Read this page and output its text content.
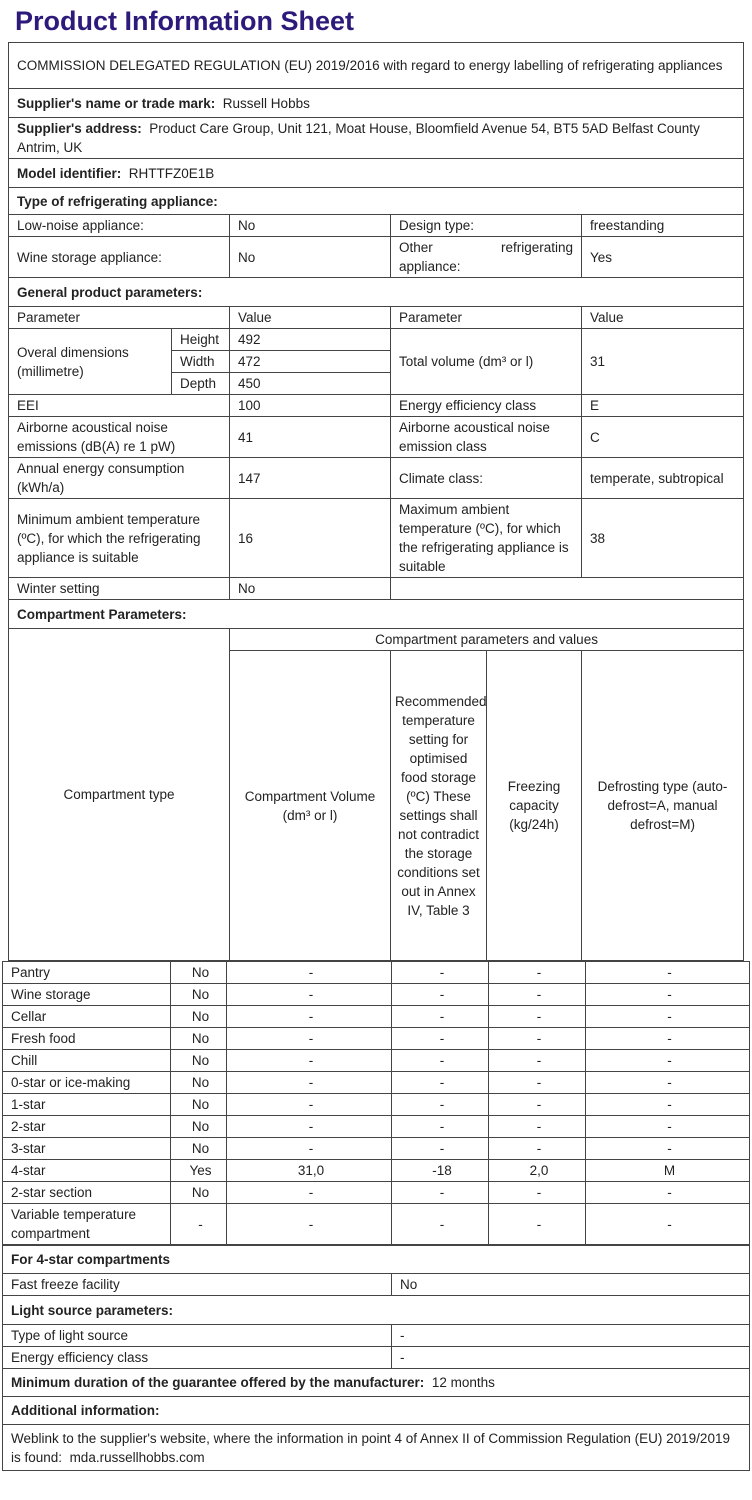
Product Information Sheet
COMMISSION DELEGATED REGULATION (EU) 2019/2016 with regard to energy labelling of refrigerating appliances				
Supplier's name or trade mark: Russell Hobbs				
Supplier's address: Product Care Group, Unit 121, Moat House, Bloomfield Avenue 54, BT5 5AD Belfast County Antrim, UK				
Model identifier: RHTTFZ0E1B				
Type of refrigerating appliance:				
Low-noise appliance:		No	Design type:	freestanding
Wine storage appliance:		No	Other refrigerating appliance:	Yes
General product parameters:				
Parameter		Value	Parameter	Value
Overal dimensions (millimetre)	Height	492	Total volume (dm³ or l)	31
	Width	472		
	Depth	450		
EEI		100	Energy efficiency class	E
Airborne acoustical noise emissions (dB(A) re 1 pW)		41	Airborne acoustical noise emission class	C
Annual energy consumption (kWh/a)		147	Climate class:	temperate, subtropical
Minimum ambient temperature (ºC), for which the refrigerating appliance is suitable		16	Maximum ambient temperature (ºC), for which the refrigerating appliance is suitable	38
Winter setting		No		
Compartment Parameters:				
Compartment type	Compartment parameters and values			
	Compartment Volume (dm³ or l)	Recommended temperature setting for optimised food storage (ºC) These settings shall not contradict the storage conditions set out in Annex IV, Table 3	Freezing capacity (kg/24h)	Defrosting type (auto-defrost=A, manual defrost=M)
Pantry	No	-	-	-	-
Wine storage	No	-	-	-	-
Cellar	No	-	-	-	-
Fresh food	No	-	-	-	-
Chill	No	-	-	-	-
0-star or ice-making	No	-	-	-	-
1-star	No	-	-	-	-
2-star	No	-	-	-	-
3-star	No	-	-	-	-
4-star	Yes	31,0	-18	2,0	M
2-star section	No	-	-	-	-
Variable temperature compartment	-	-	-	-	-
For 4-star compartments	
Fast freeze facility	No
Light source parameters:	
Type of light source	-
Energy efficiency class	-
Minimum duration of the guarantee offered by the manufacturer: 12 months	
Additional information:	
Weblink to the supplier's website, where the information in point 4 of Annex II of Commission Regulation (EU) 2019/2019 is found: mda.russellhobbs.com	
